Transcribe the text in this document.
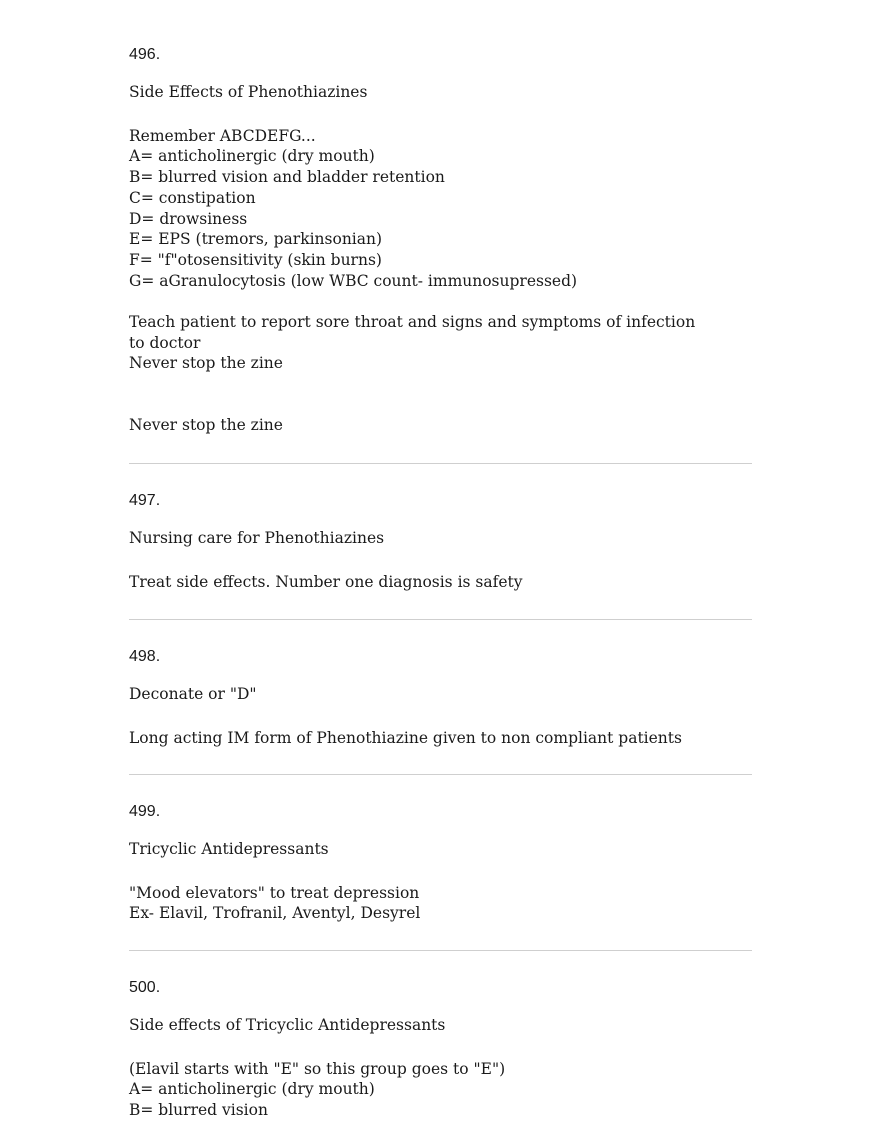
496.
Side Effects of Phenothiazines
Remember ABCDEFG...
A= anticholinergic (dry mouth)
B= blurred vision and bladder retention
C= constipation
D= drowsiness
E= EPS (tremors, parkinsonian)
F= "f"otosensitivity (skin burns)
G= aGranulocytosis (low WBC count- immunosupressed)
Teach patient to report sore throat and signs and symptoms of infection
to doctor
Never stop the zine
Never stop the zine
497.
Nursing care for Phenothiazines
Treat side effects. Number one diagnosis is safety
498.
Deconate or "D"
Long acting IM form of Phenothiazine given to non compliant patients
499.
Tricyclic Antidepressants
"Mood elevators" to treat depression
Ex- Elavil, Trofranil, Aventyl, Desyrel
500.
Side effects of Tricyclic Antidepressants
(Elavil starts with "E" so this group goes to "E")
A= anticholinergic (dry mouth)
B= blurred vision
